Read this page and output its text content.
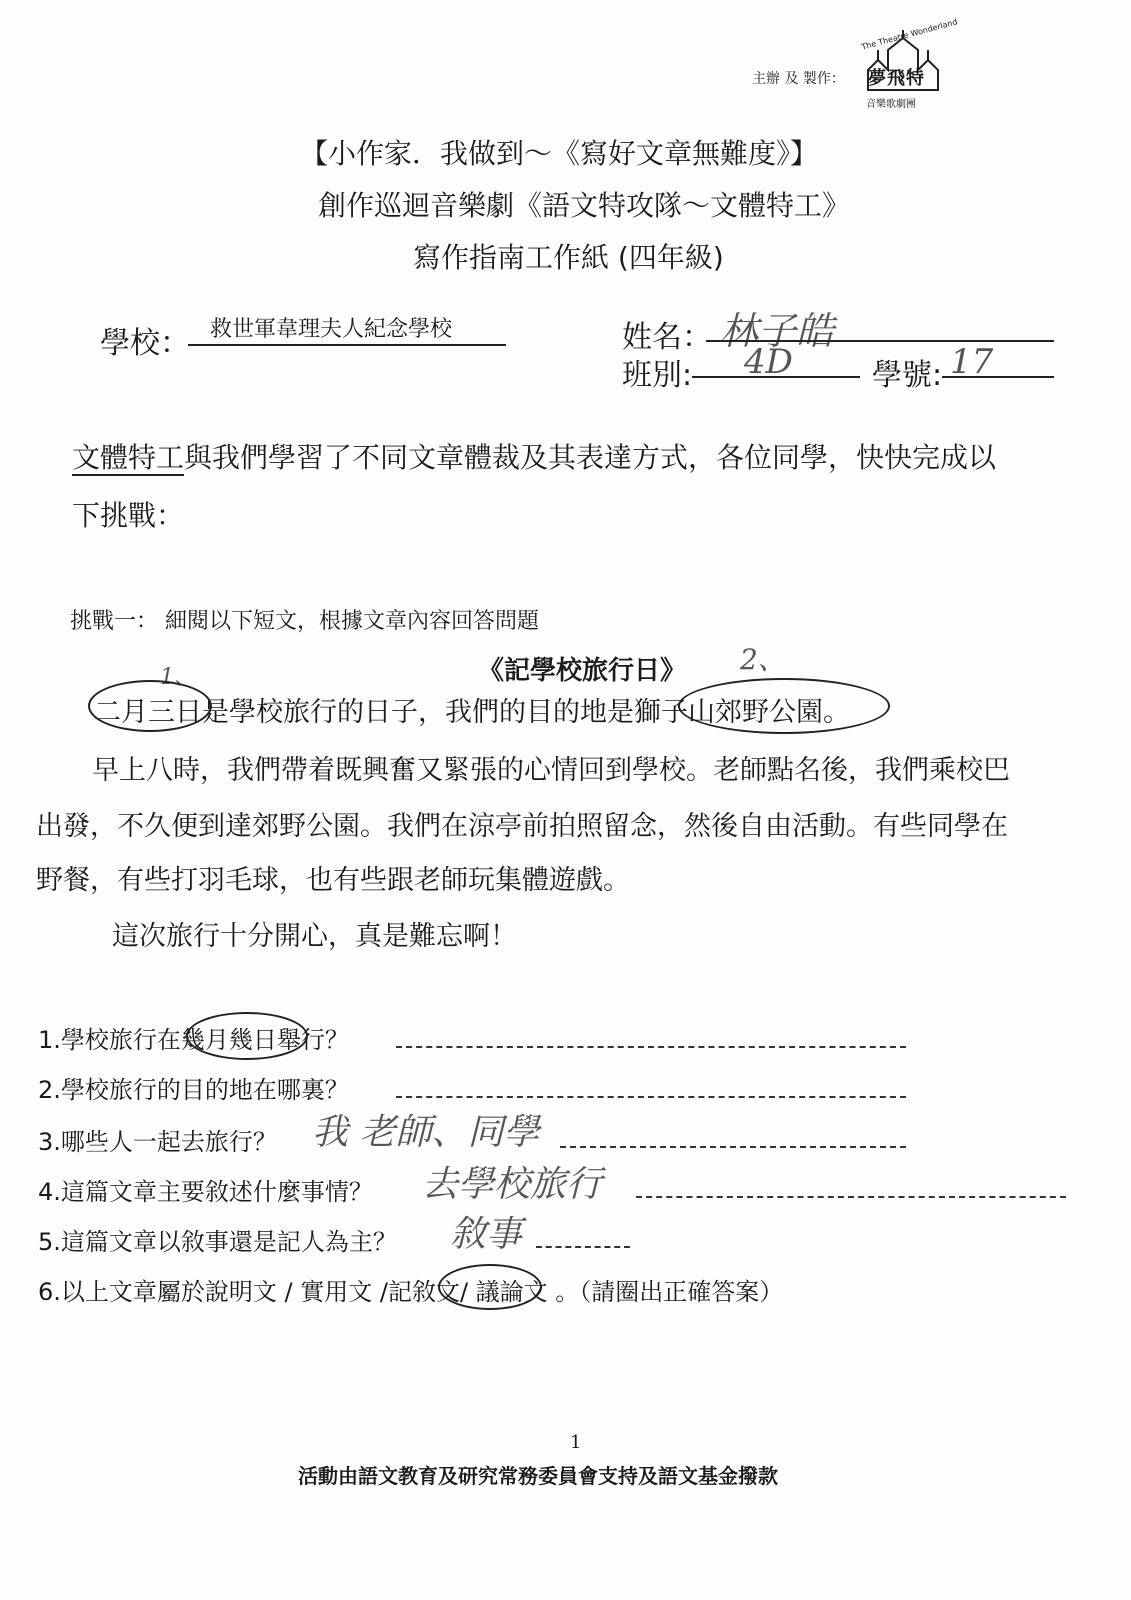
主辦 及 製作：
The Theatre Wonderland
夢飛特
音樂歌劇團
【小作家．我做到～《寫好文章無難度》】
創作巡迴音樂劇《語文特攻隊～文體特工》
寫作指南工作紙 (四年級)
學校： 救世軍韋理夫人紀念學校	姓名： 林子皓
班別: 4D	學號: 17
文體特工與我們學習了不同文章體裁及其表達方式，各位同學，快快完成以
下挑戰：
挑戰一： 細閱以下短文，根據文章內容回答問題
《記學校旅行日》
1、
2、
二月三日是學校旅行的日子，我們的目的地是獅子山郊野公園。
早上八時，我們帶着既興奮又緊張的心情回到學校。老師點名後，我們乘校巴
出發，不久便到達郊野公園。我們在涼亭前拍照留念，然後自由活動。有些同學在
野餐，有些打羽毛球，也有些跟老師玩集體遊戲。
這次旅行十分開心，真是難忘啊！
1.學校旅行在幾月幾日舉行？
2.學校旅行的目的地在哪裏？
3.哪些人一起去旅行？ 我 老師、同學
4.這篇文章主要敘述什麼事情？ 去學校旅行
5.這篇文章以敘事還是記人為主？ 敘事
6.以上文章屬於說明文 / 實用文 /記敘文/ 議論文 。（請圈出正確答案）
1
活動由語文教育及研究常務委員會支持及語文基金撥款
